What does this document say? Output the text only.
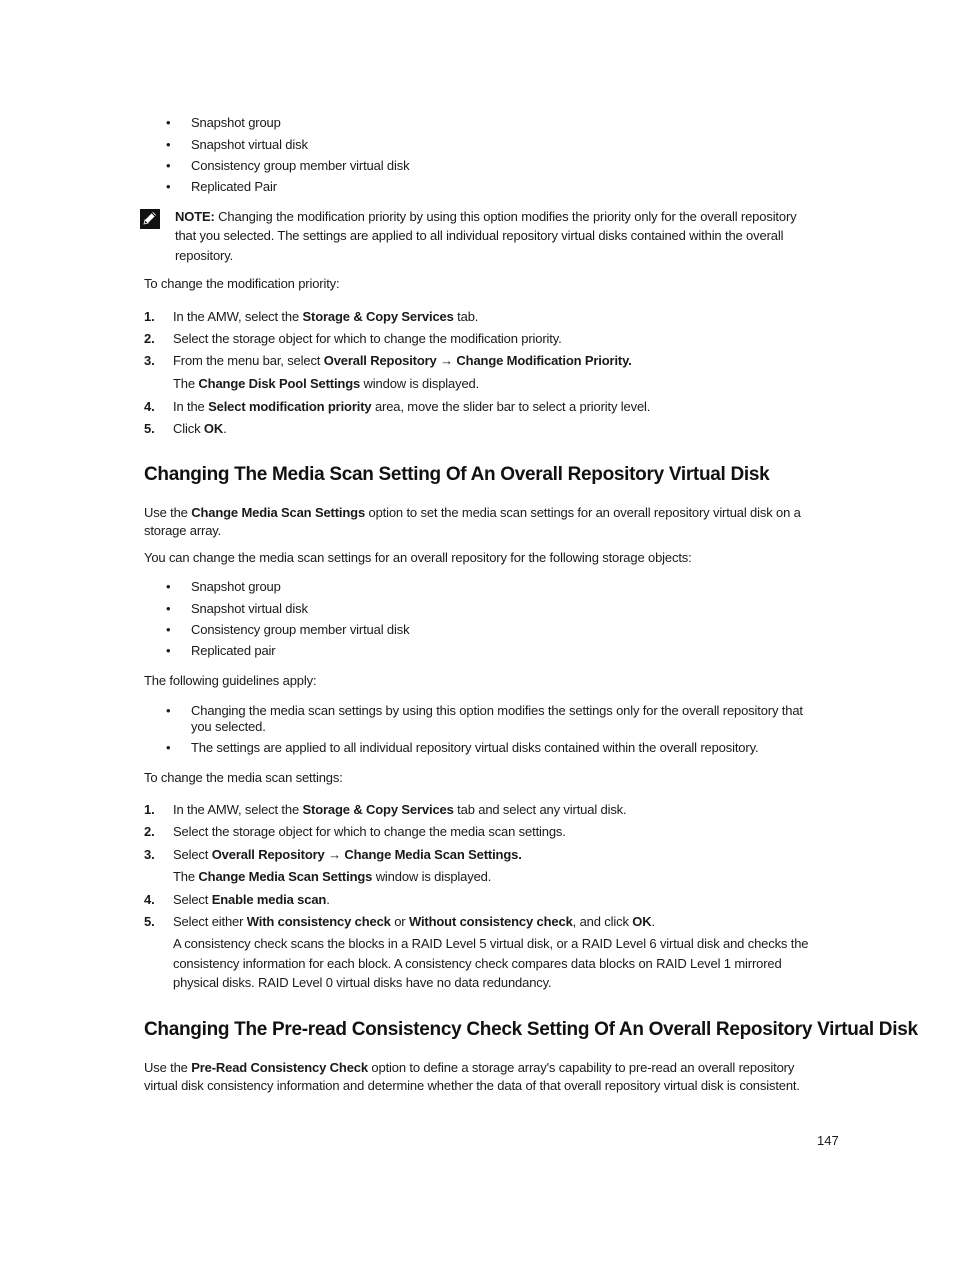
• Snapshot group
• Snapshot virtual disk
• Consistency group member virtual disk
• Replicated Pair
NOTE: Changing the modification priority by using this option modifies the priority only for the overall repository
that you selected. The settings are applied to all individual repository virtual disks contained within the overall
repository.
To change the modification priority:
1. In the AMW, select the Storage & Copy Services tab.
2. Select the storage object for which to change the modification priority.
3. From the menu bar, select Overall Repository → Change Modification Priority.
The Change Disk Pool Settings window is displayed.
4. In the Select modification priority area, move the slider bar to select a priority level.
5. Click OK.
Changing The Media Scan Setting Of An Overall Repository Virtual Disk
Use the Change Media Scan Settings option to set the media scan settings for an overall repository virtual disk on a
storage array.
You can change the media scan settings for an overall repository for the following storage objects:
• Snapshot group
• Snapshot virtual disk
• Consistency group member virtual disk
• Replicated pair
The following guidelines apply:
• Changing the media scan settings by using this option modifies the settings only for the overall repository that
you selected.
• The settings are applied to all individual repository virtual disks contained within the overall repository.
To change the media scan settings:
1. In the AMW, select the Storage & Copy Services tab and select any virtual disk.
2. Select the storage object for which to change the media scan settings.
3. Select Overall Repository → Change Media Scan Settings.
The Change Media Scan Settings window is displayed.
4. Select Enable media scan.
5. Select either With consistency check or Without consistency check, and click OK.
A consistency check scans the blocks in a RAID Level 5 virtual disk, or a RAID Level 6 virtual disk and checks the
consistency information for each block. A consistency check compares data blocks on RAID Level 1 mirrored
physical disks. RAID Level 0 virtual disks have no data redundancy.
Changing The Pre-read Consistency Check Setting Of An Overall Repository Virtual Disk
Use the Pre-Read Consistency Check option to define a storage array's capability to pre-read an overall repository
virtual disk consistency information and determine whether the data of that overall repository virtual disk is consistent.
147
